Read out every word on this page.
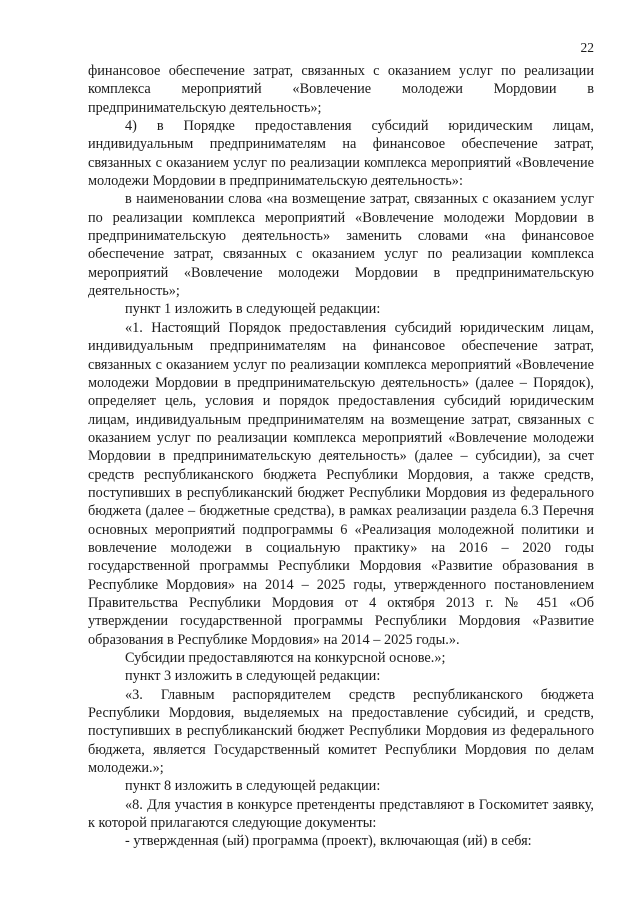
22

финансовое обеспечение затрат, связанных с оказанием услуг по реализации комплекса мероприятий «Вовлечение молодежи Мордовии в предпринимательскую деятельность»;

4) в Порядке предоставления субсидий юридическим лицам, индивидуальным предпринимателям на финансовое обеспечение затрат, связанных с оказанием услуг по реализации комплекса мероприятий «Вовлечение молодежи Мордовии в предпринимательскую деятельность»:

в наименовании слова «на возмещение затрат, связанных с оказанием услуг по реализации комплекса мероприятий «Вовлечение молодежи Мордовии в предпринимательскую деятельность» заменить словами «на финансовое обеспечение затрат, связанных с оказанием услуг по реализации комплекса мероприятий «Вовлечение молодежи Мордовии в предпринимательскую деятельность»;

пункт 1 изложить в следующей редакции:

«1. Настоящий Порядок предоставления субсидий юридическим лицам, индивидуальным предпринимателям на финансовое обеспечение затрат, связанных с оказанием услуг по реализации комплекса мероприятий «Вовлечение молодежи Мордовии в предпринимательскую деятельность» (далее – Порядок), определяет цель, условия и порядок предоставления субсидий юридическим лицам, индивидуальным предпринимателям на возмещение затрат, связанных с оказанием услуг по реализации комплекса мероприятий «Вовлечение молодежи Мордовии в предпринимательскую деятельность» (далее – субсидии), за счет средств республиканского бюджета Республики Мордовия, а также средств, поступивших в республиканский бюджет Республики Мордовия из федерального бюджета (далее – бюджетные средства), в рамках реализации раздела 6.3 Перечня основных мероприятий подпрограммы 6 «Реализация молодежной политики и вовлечение молодежи в социальную практику» на 2016 – 2020 годы государственной программы Республики Мордовия «Развитие образования в Республике Мордовия» на 2014 – 2025 годы, утвержденного постановлением Правительства Республики Мордовия от 4 октября 2013 г. № 451 «Об утверждении государственной программы Республики Мордовия «Развитие образования в Республике Мордовия» на 2014 – 2025 годы.».

Субсидии предоставляются на конкурсной основе.»;

пункт 3 изложить в следующей редакции:

«3. Главным распорядителем средств республиканского бюджета Республики Мордовия, выделяемых на предоставление субсидий, и средств, поступивших в республиканский бюджет Республики Мордовия из федерального бюджета, является Государственный комитет Республики Мордовия по делам молодежи.»;

пункт 8 изложить в следующей редакции:

«8. Для участия в конкурсе претенденты представляют в Госкомитет заявку, к которой прилагаются следующие документы:

- утвержденная (ый) программа (проект), включающая (ий) в себя:
